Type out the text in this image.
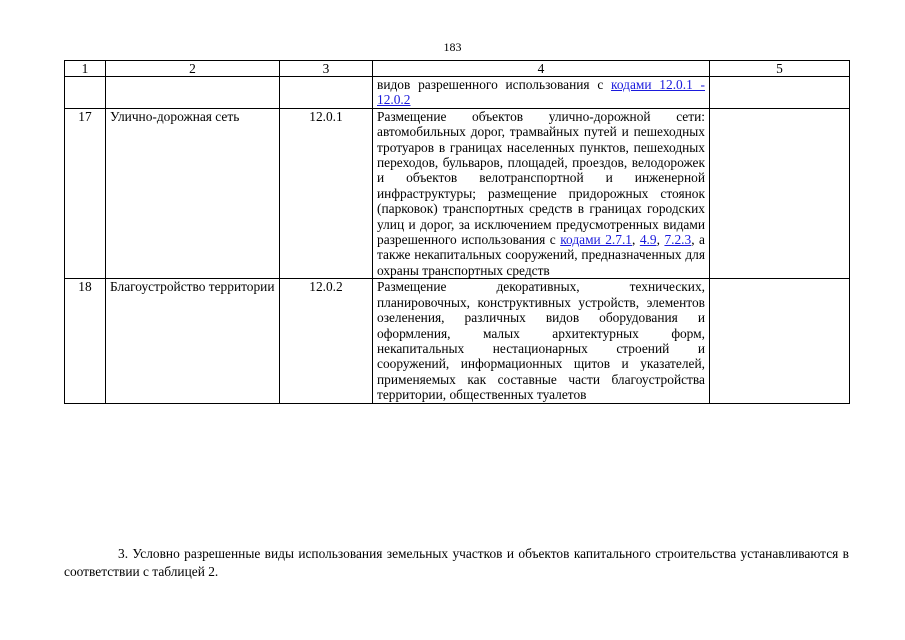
183
1	2	3	4	5
			видов разрешенного использования с кодами 12.0.1 - 12.0.2	
17	Улично-дорожная сеть	12.0.1	Размещение объектов улично-дорожной сети: автомобильных дорог, трамвайных путей и пешеходных тротуаров в границах населенных пунктов, пешеходных переходов, бульваров, площадей, проездов, велодорожек и объектов велотранспортной и инженерной инфраструктуры; размещение придорожных стоянок (парковок) транспортных средств в границах городских улиц и дорог, за исключением предусмотренных видами разрешенного использования с кодами 2.7.1, 4.9, 7.2.3, а также некапитальных сооружений, предназначенных для охраны транспортных средств	
18	Благоустройство территории	12.0.2	Размещение декоративных, технических, планировочных, конструктивных устройств, элементов озеленения, различных видов оборудования и оформления, малых архитектурных форм, некапитальных нестационарных строений и сооружений, информационных щитов и указателей, применяемых как составные части благоустройства территории, общественных туалетов	

3. Условно разрешенные виды использования земельных участков и объектов капитального строительства устанавливаются в соответствии с таблицей 2.
